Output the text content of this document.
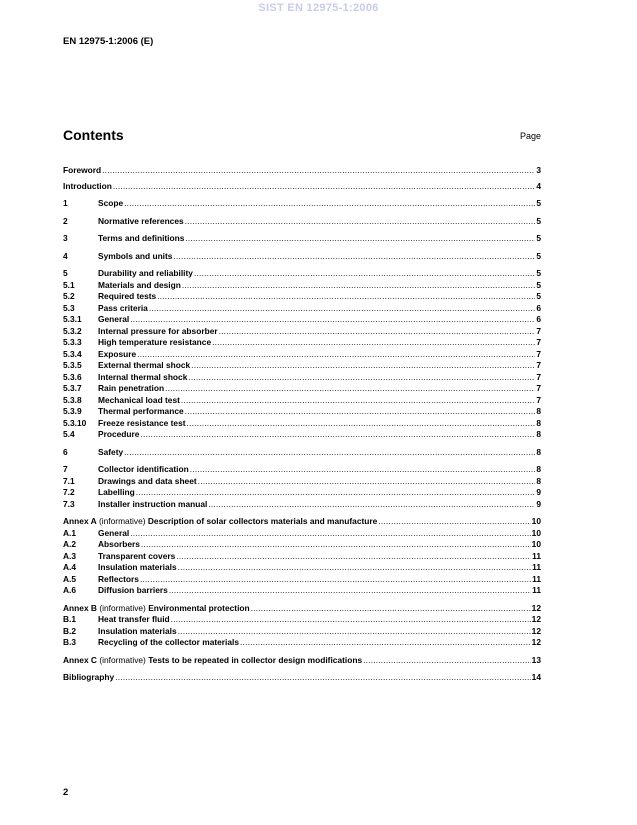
SIST EN 12975-1:2006
EN 12975-1:2006 (E)
Contents	Page
Foreword .....	3
Introduction .....	4
1	Scope .....	5
2	Normative references .....	5
3	Terms and definitions .....	5
4	Symbols and units .....	5
5	Durability and reliability .....	5
5.1	Materials and design .....	5
5.2	Required tests .....	5
5.3	Pass criteria .....	6
5.3.1	General .....	6
5.3.2	Internal pressure for absorber .....	7
5.3.3	High temperature resistance .....	7
5.3.4	Exposure .....	7
5.3.5	External thermal shock .....	7
5.3.6	Internal thermal shock .....	7
5.3.7	Rain penetration .....	7
5.3.8	Mechanical load test .....	7
5.3.9	Thermal performance .....	8
5.3.10	Freeze resistance test .....	8
5.4	Procedure .....	8
6	Safety .....	8
7	Collector identification .....	8
7.1	Drawings and data sheet .....	8
7.2	Labelling .....	9
7.3	Installer instruction manual .....	9
Annex A
(informative)
Description of solar collectors materials and manufacture .....	10
A.1	General .....	10
A.2	Absorbers .....	10
A.3	Transparent covers .....	11
A.4	Insulation materials .....	11
A.5	Reflectors .....	11
A.6	Diffusion barriers .....	11
Annex B
(informative)
Environmental protection .....	12
B.1	Heat transfer fluid .....	12
B.2	Insulation materials .....	12
B.3	Recycling of the collector materials .....	12
Annex C
(informative)
Tests to be repeated in collector design modifications .....	13
Bibliography .....	14
2
